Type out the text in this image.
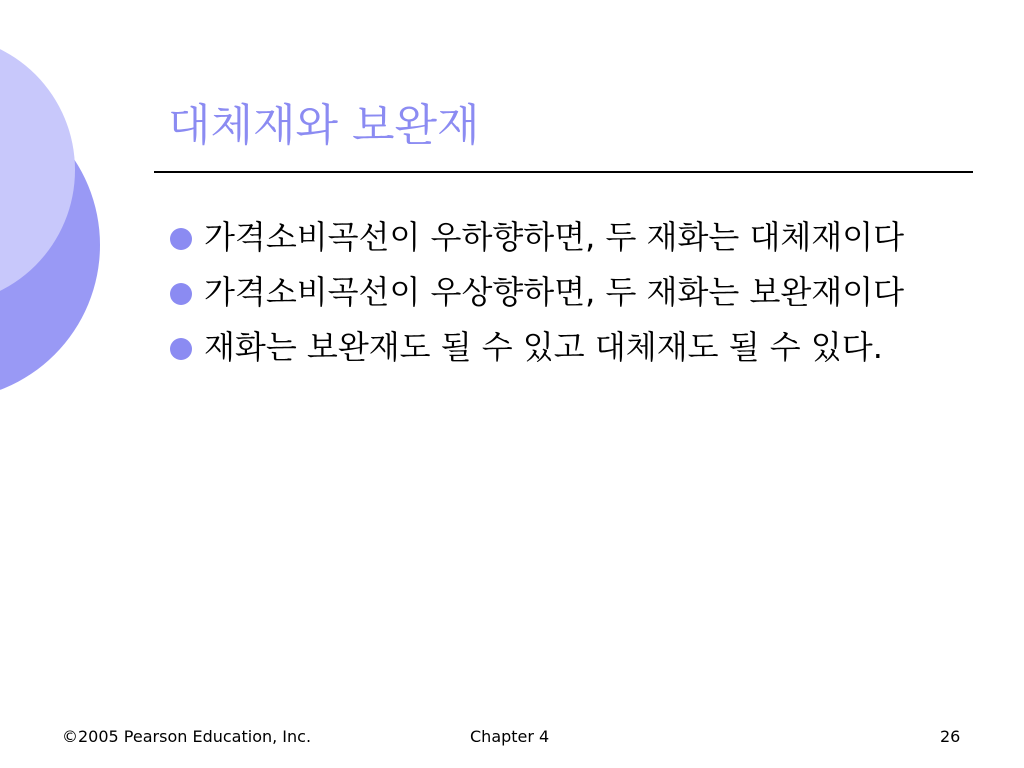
대체재와 보완재
가격소비곡선이 우하향하면, 두 재화는 대체재이다
가격소비곡선이 우상향하면, 두 재화는 보완재이다
재화는 보완재도 될 수 있고 대체재도 될 수 있다.
©2005 Pearson Education, Inc.	Chapter 4	26
